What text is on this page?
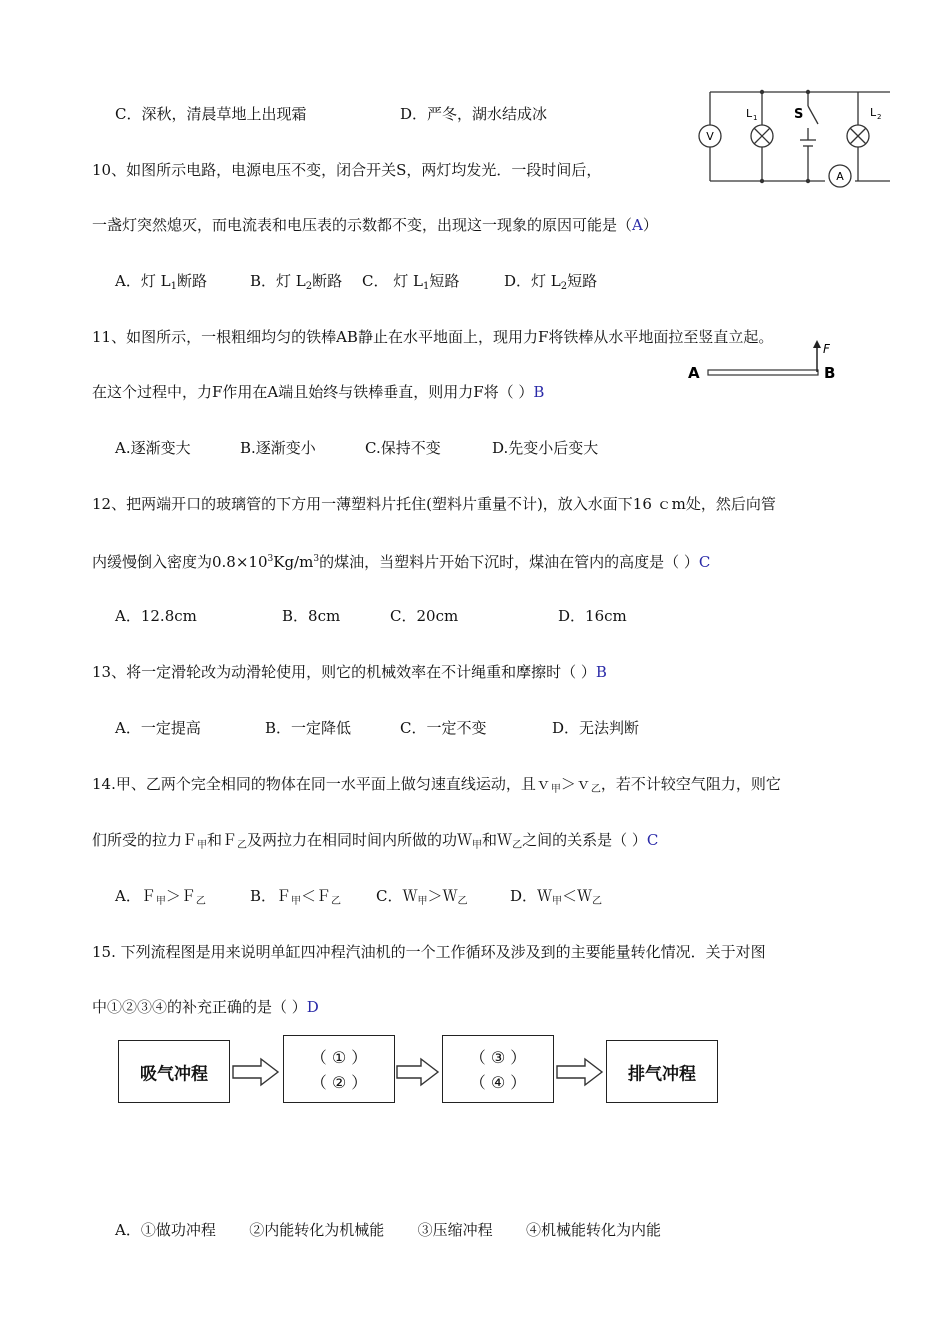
C．深秋，清晨草地上出现霜	D．严冬，湖水结成冰
V
L 1	S	L 2
A
10、如图所示电路，电源电压不变，闭合开关S，两灯均发光．一段时间后，
一盏灯突然熄灭，而电流表和电压表的示数都不变，出现这一现象的原因可能是（A）
A．灯 $L_1$断路	B．灯 $L_2$断路 C． 灯 $L_1$短路	D．灯 $L_2$短路
11、如图所示，一根粗细均匀的铁棒AB静止在水平地面上，现用力F将铁棒从水平地面拉至竖直立起。
在这个过程中，力F作用在A端且始终与铁棒垂直，则用力F将（ ）B
A
F
B
A.逐渐变大	B.逐渐变小	C.保持不变	D.先变小后变大
12、把两端开口的玻璃管的下方用一薄塑料片托住(塑料片重量不计)，放入水面下16 ｃm处，然后向管
内缓慢倒入密度为$0.8\times 10^3Kg/m^3$的煤油，当塑料片开始下沉时，煤油在管内的高度是（ ）C
A．12.8cm	B．8cm	C．20cm	D．16cm
13、将一定滑轮改为动滑轮使用，则它的机械效率在不计绳重和摩擦时（ ）B
A．一定提高	B．一定降低	C．一定不变	D．无法判断
14.甲、乙两个完全相同的物体在同一水平面上做匀速直线运动，且ｖ$_甲$＞ｖ$_乙$，若不计较空气阻力，则它
们所受的拉力Ｆ$_甲$和Ｆ$_乙$及两拉力在相同时间内所做的功Ｗ$_甲$和Ｗ$_乙$之间的关系是（ ）C
A．Ｆ$_甲$＞Ｆ$_乙$	B．Ｆ$_甲$＜Ｆ$_乙$ C．Ｗ$_甲$＞Ｗ$_乙$	D．Ｗ$_甲$＜Ｗ$_乙$
15. 下列流程图是用来说明单缸四冲程汽油机的一个工作循环及涉及到的主要能量转化情况．关于对图
中①②③④的补充正确的是（ ）D
吸气冲程
（ ① ）
（ ② ）
（ ③ ）
（ ④ ）	排气冲程
A．①做功冲程       ②内能转化为机械能       ③压缩冲程       ④机械能转化为内能
